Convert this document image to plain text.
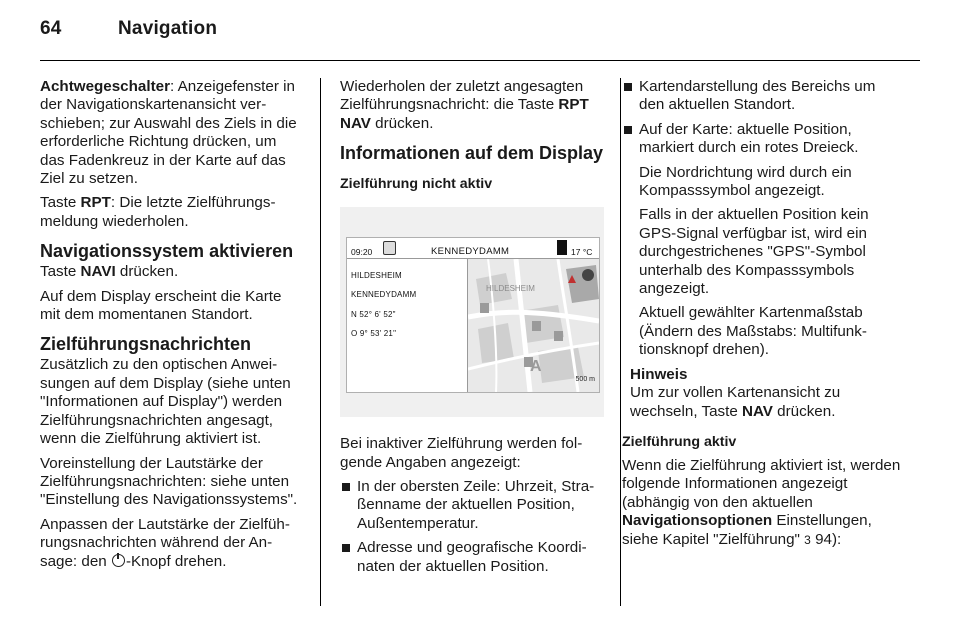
64	Navigation

Achtwegeschalter: Anzeigefenster in der Navigationskartenansicht verschieben; zur Auswahl des Ziels in die erforderliche Richtung drücken, um das Fadenkreuz in der Karte auf das Ziel zu setzen.

Taste RPT: Die letzte Zielführungsmeldung wiederholen.

Navigationssystem aktivieren

Taste NAVI drücken.

Auf dem Display erscheint die Karte mit dem momentanen Standort.

Zielführungsnachrichten

Zusätzlich zu den optischen Anweisungen auf dem Display (siehe unten "Informationen auf Display") werden Zielführungsnachrichten angesagt, wenn die Zielführung aktiviert ist.

Voreinstellung der Lautstärke der Zielführungsnachrichten: siehe unten "Einstellung des Navigationssystems".

Anpassen der Lautstärke der Zielführungsnachrichten während der Ansage: den -Knopf drehen.

Wiederholen der zuletzt angesagten Zielführungsnachricht: die Taste RPT NAV drücken.

Informationen auf dem Display
Zielführung nicht aktiv
09:20	KENNEDYDAMM	17 °C
HILDESHEIM
KENNEDYDAMM
N 52° 6' 52"
O 9° 53' 21"
HILDESHEIM
A
500 m

Bei inaktiver Zielführung werden folgende Angaben angezeigt:

In der obersten Zeile: Uhrzeit, Straßenname der aktuellen Position, Außentemperatur.
Adresse und geografische Koordinaten der aktuellen Position.
Kartendarstellung des Bereichs um den aktuellen Standort.
Auf der Karte: aktuelle Position, markiert durch ein rotes Dreieck.

Die Nordrichtung wird durch ein Kompasssymbol angezeigt.

Falls in der aktuellen Position kein GPS-Signal verfügbar ist, wird ein durchgestrichenes "GPS"-Symbol unterhalb des Kompasssymbols angezeigt.

Aktuell gewählter Kartenmaßstab (Ändern des Maßstabs: Multifunktionsknopf drehen).

Hinweis
Um zur vollen Kartenansicht zu wechseln, Taste NAV drücken.
Zielführung aktiv

Wenn die Zielführung aktiviert ist, werden folgende Informationen angezeigt (abhängig von den aktuellen Navigationsoptionen Einstellungen, siehe Kapitel "Zielführung" 3 94):
